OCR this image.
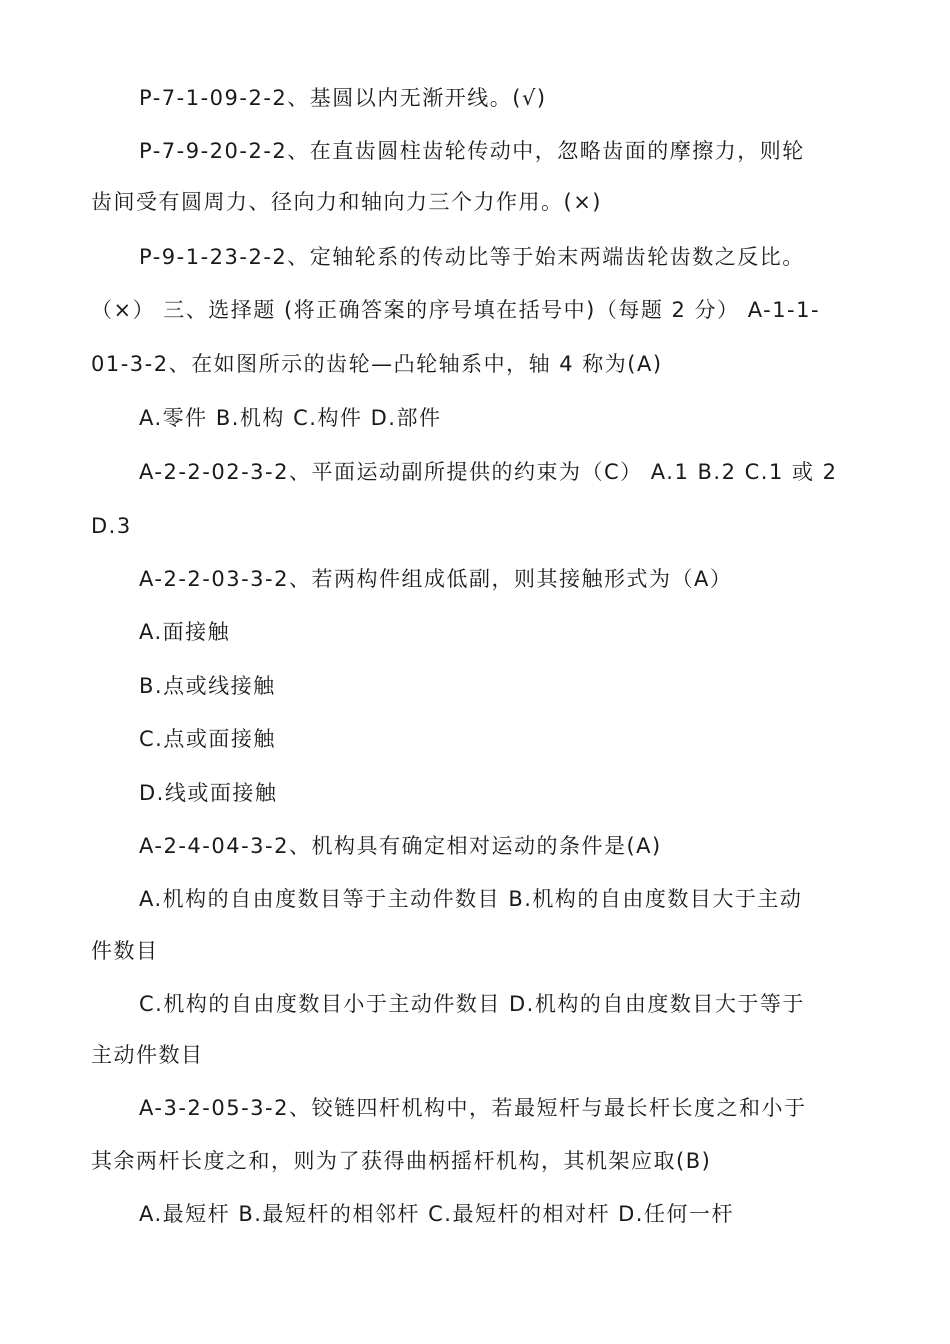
P-7-1-09-2-2、基圆以内无渐开线。(√)
P-7-9-20-2-2、在直齿圆柱齿轮传动中，忽略齿面的摩擦力，则轮
齿间受有圆周力、径向力和轴向力三个力作用。(×)
P-9-1-23-2-2、定轴轮系的传动比等于始末两端齿轮齿数之反比。
（×） 三、选择题 (将正确答案的序号填在括号中)（每题 2 分） A-1-1-
01-3-2、在如图所示的齿轮—凸轮轴系中，轴 4 称为(A)
A.零件 B.机构 C.构件 D.部件
A-2-2-02-3-2、平面运动副所提供的约束为（C） A.1 B.2 C.1 或 2
D.3
A-2-2-03-3-2、若两构件组成低副，则其接触形式为（A）
A.面接触
B.点或线接触
C.点或面接触
D.线或面接触
A-2-4-04-3-2、机构具有确定相对运动的条件是(A)
A.机构的自由度数目等于主动件数目 B.机构的自由度数目大于主动
件数目
C.机构的自由度数目小于主动件数目 D.机构的自由度数目大于等于
主动件数目
A-3-2-05-3-2、铰链四杆机构中，若最短杆与最长杆长度之和小于
其余两杆长度之和，则为了获得曲柄摇杆机构，其机架应取(B)
A.最短杆 B.最短杆的相邻杆 C.最短杆的相对杆 D.任何一杆
